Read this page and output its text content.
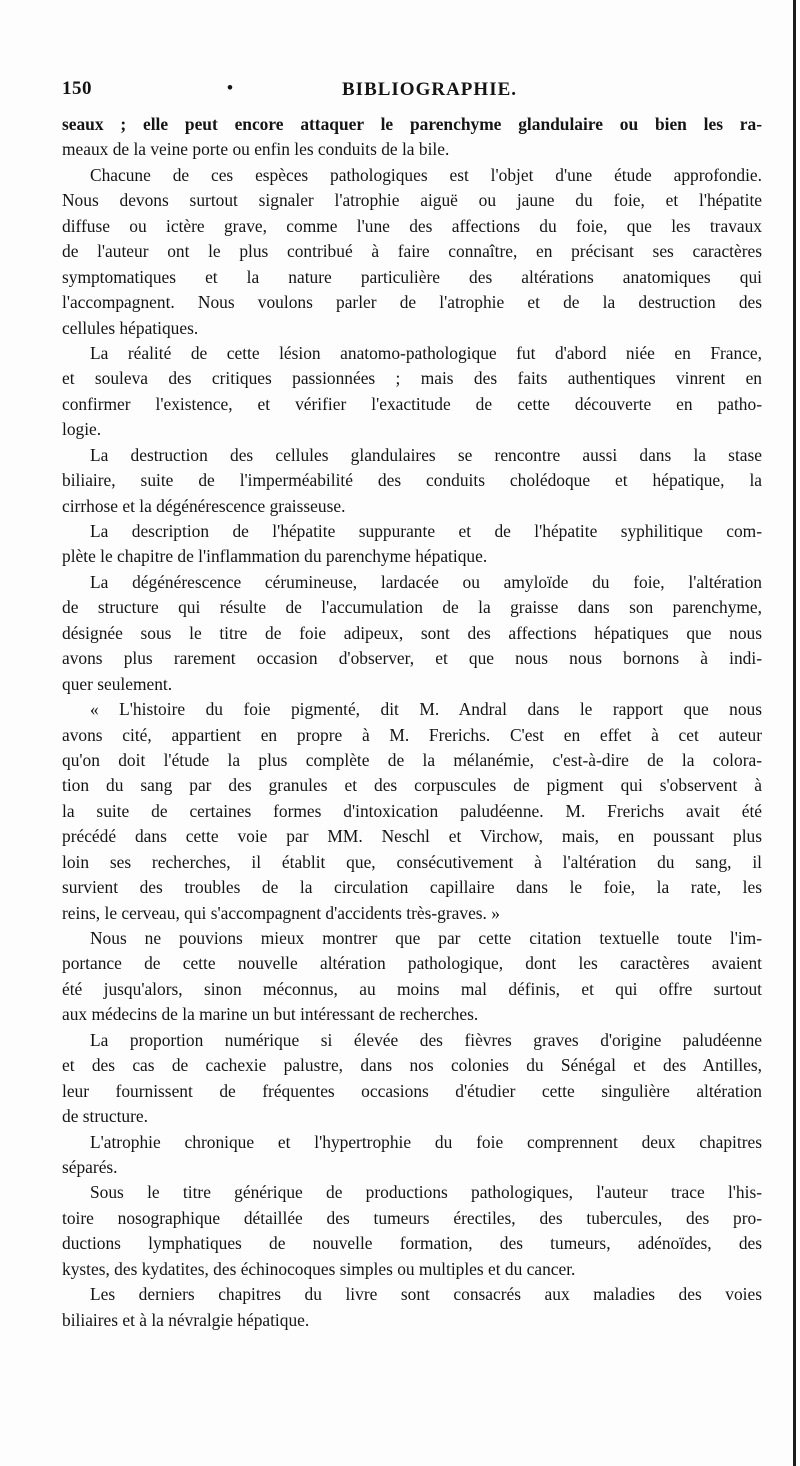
150	•	BIBLIOGRAPHIE.
seaux ; elle peut encore attaquer le parenchyme glandulaire ou bien les ra-
meaux de la veine porte ou enfin les conduits de la bile.
Chacune de ces espèces pathologiques est l'objet d'une étude approfondie.
Nous devons surtout signaler l'atrophie aiguë ou jaune du foie, et l'hépatite
diffuse ou ictère grave, comme l'une des affections du foie, que les travaux
de l'auteur ont le plus contribué à faire connaître, en précisant ses caractères
symptomatiques et la nature particulière des altérations anatomiques qui
l'accompagnent. Nous voulons parler de l'atrophie et de la destruction des
cellules hépatiques.
La réalité de cette lésion anatomo-pathologique fut d'abord niée en France,
et souleva des critiques passionnées ; mais des faits authentiques vinrent en
confirmer l'existence, et vérifier l'exactitude de cette découverte en patho-
logie.
La destruction des cellules glandulaires se rencontre aussi dans la stase
biliaire, suite de l'imperméabilité des conduits cholédoque et hépatique, la
cirrhose et la dégénérescence graisseuse.
La description de l'hépatite suppurante et de l'hépatite syphilitique com-
plète le chapitre de l'inflammation du parenchyme hépatique.
La dégénérescence cérumineuse, lardacée ou amyloïde du foie, l'altération
de structure qui résulte de l'accumulation de la graisse dans son parenchyme,
désignée sous le titre de foie adipeux, sont des affections hépatiques que nous
avons plus rarement occasion d'observer, et que nous nous bornons à indi-
quer seulement.
« L'histoire du foie pigmenté, dit M. Andral dans le rapport que nous
avons cité, appartient en propre à M. Frerichs. C'est en effet à cet auteur
qu'on doit l'étude la plus complète de la mélanémie, c'est-à-dire de la colora-
tion du sang par des granules et des corpuscules de pigment qui s'observent à
la suite de certaines formes d'intoxication paludéenne. M. Frerichs avait été
précédé dans cette voie par MM. Neschl et Virchow, mais, en poussant plus
loin ses recherches, il établit que, consécutivement à l'altération du sang, il
survient des troubles de la circulation capillaire dans le foie, la rate, les
reins, le cerveau, qui s'accompagnent d'accidents très-graves. »
Nous ne pouvions mieux montrer que par cette citation textuelle toute l'im-
portance de cette nouvelle altération pathologique, dont les caractères avaient
été jusqu'alors, sinon méconnus, au moins mal définis, et qui offre surtout
aux médecins de la marine un but intéressant de recherches.
La proportion numérique si élevée des fièvres graves d'origine paludéenne
et des cas de cachexie palustre, dans nos colonies du Sénégal et des Antilles,
leur fournissent de fréquentes occasions d'étudier cette singulière altération
de structure.
L'atrophie chronique et l'hypertrophie du foie comprennent deux chapitres
séparés.
Sous le titre générique de productions pathologiques, l'auteur trace l'his-
toire nosographique détaillée des tumeurs érectiles, des tubercules, des pro-
ductions lymphatiques de nouvelle formation, des tumeurs, adénoïdes, des
kystes, des kydatites, des échinocoques simples ou multiples et du cancer.
Les derniers chapitres du livre sont consacrés aux maladies des voies
biliaires et à la névralgie hépatique.
